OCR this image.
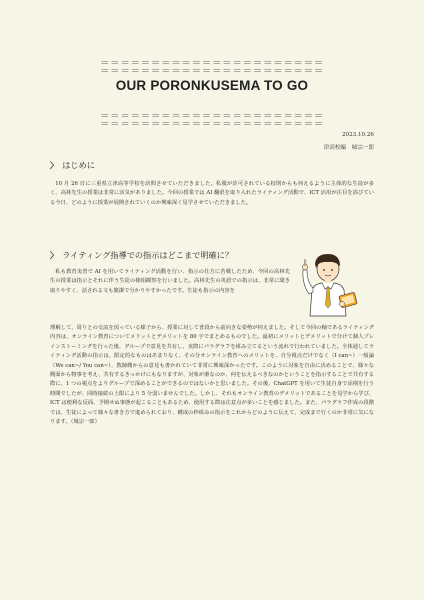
＝＝＝＝＝＝＝＝＝＝＝＝＝＝＝＝＝＝＝＝＝＝
＝＝＝＝＝＝＝＝＝＝＝＝＝＝＝＝＝＝＝＝＝＝
OUR PORONKUSEMA TO GO
＝＝＝＝＝＝＝＝＝＝＝＝＝＝＝＝＝＝＝＝＝＝
＝＝＝＝＝＝＝＝＝＝＝＝＝＝＝＝＝＝＝＝＝＝
2023.10.26
津高校編　城宗一郎
〉 はじめに

10 月 26 日に三重県立津高等学校を訪問させていただきました。私服が許可されている校則からも何えるように主体的な生徒が多く、高林先生の授業は非常に活気がありました。今回の授業では AI 翻訳を取り入れたライティング活動で、ICT 活用が注目を浴びている今日、どのように授業が展開されていくのか興味深く見学させていただきました。

〉 ライティング指導での指示はどこまで明確に？

私も教育実習で AI を用いてライティング活動を行い、指示の仕方に苦戦したため、今回の高林先生の授業は指示とそれに伴う生徒の様相観察を行いました。高林先生の英語での指示は、非常に聞き取りやすく、話される文も簡潔で分かりやすかったです。生徒も指示の内容を

理解して、周りとの交流を図っている様子から、授業に対して普段から前向きな姿勢が伺えました。そして今回の軸であるライティング内容は、オンライン教育についてメリットとデメリットを 80 字でまとめるものでした。最初にメリットとデメリットで分けて個人ブレインストーミングを行った後、グループで意見を共有し、実際にパラグラフを組み立てるという流れで行われていました。全体通してライティング活動の指示は、限定的なものはあまりなく、その分オンライン教育へのメリットを、自分視点だけでなく（I can~）一般論（We can~/ You can~）、教師側からの意見も書かれていて非常に興味深かったです。このように対象を自由に決めることで、様々な側面から物事を考え、共有するきっかけにもなりますが、対象が誰なのか、何を伝えるべきなのかということを指示することで共有する際に、1 つの視点をよりグループで深めることができるのではないかと思いました。その後、ChatGPT を用いて生徒自身で添削を行う時間でしたが、同時接続の上限により 5 分弱いませんでした。しかし、それもオンライン教育のデメリットであることを見学から学び、ICT は便利な反面、予期せぬ事態が起こることもあるため、使用する際は注意点が多いことを感じました。また、パラグラフ作成の段階では、生徒によって様々な書き方で進められており、構成の枠組みの指示をこれからどのように伝えて、完成まで行くのか非常に気になります。（城宗一郎）
